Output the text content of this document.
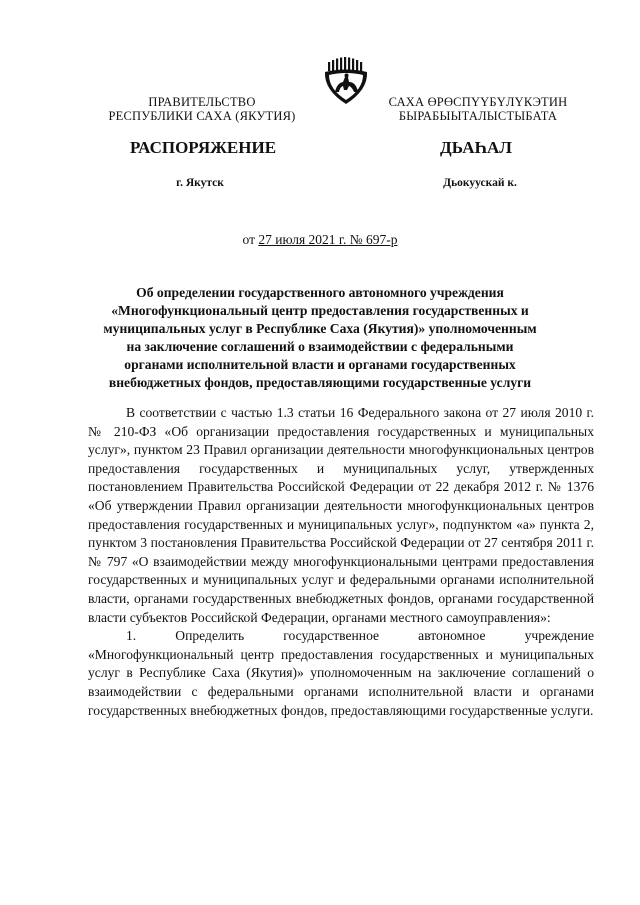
ПРАВИТЕЛЬСТВО
РЕСПУБЛИКИ САХА (ЯКУТИЯ)
САХА ӨРӨСПҮҮБҮЛҮКЭТИН
БЫРАБЫЫТАЛЫСТЫБАТА
РАСПОРЯЖЕНИЕ	ДЬАҺАЛ
г. Якутск	Дьокуускай к.
от 27 июля 2021 г. № 697-р

Об определении государственного автономного учреждения «Многофункциональный центр предоставления государственных и муниципальных услуг в Республике Саха (Якутия)» уполномоченным на заключение соглашений о взаимодействии с федеральными органами исполнительной власти и органами государственных внебюджетных фондов, предоставляющими государственные услуги

В соответствии с частью 1.3 статьи 16 Федерального закона от 27 июля 2010 г. № 210-ФЗ «Об организации предоставления государственных и муниципальных услуг», пунктом 23 Правил организации деятельности многофункциональных центров предоставления государственных и муниципальных услуг, утвержденных постановлением Правительства Российской Федерации от 22 декабря 2012 г. № 1376 «Об утверждении Правил организации деятельности многофункциональных центров предоставления государственных и муниципальных услуг», подпунктом «а» пункта 2, пунктом 3 постановления Правительства Российской Федерации от 27 сентября 2011 г. № 797 «О взаимодействии между многофункциональными центрами предоставления государственных и муниципальных услуг и федеральными органами исполнительной власти, органами государственных внебюджетных фондов, органами государственной власти субъектов Российской Федерации, органами местного самоуправления»:

1. Определить государственное автономное учреждение «Многофункциональный центр предоставления государственных и муниципальных услуг в Республике Саха (Якутия)» уполномоченным на заключение соглашений о взаимодействии с федеральными органами исполнительной власти и органами государственных внебюджетных фондов, предоставляющими государственные услуги.
